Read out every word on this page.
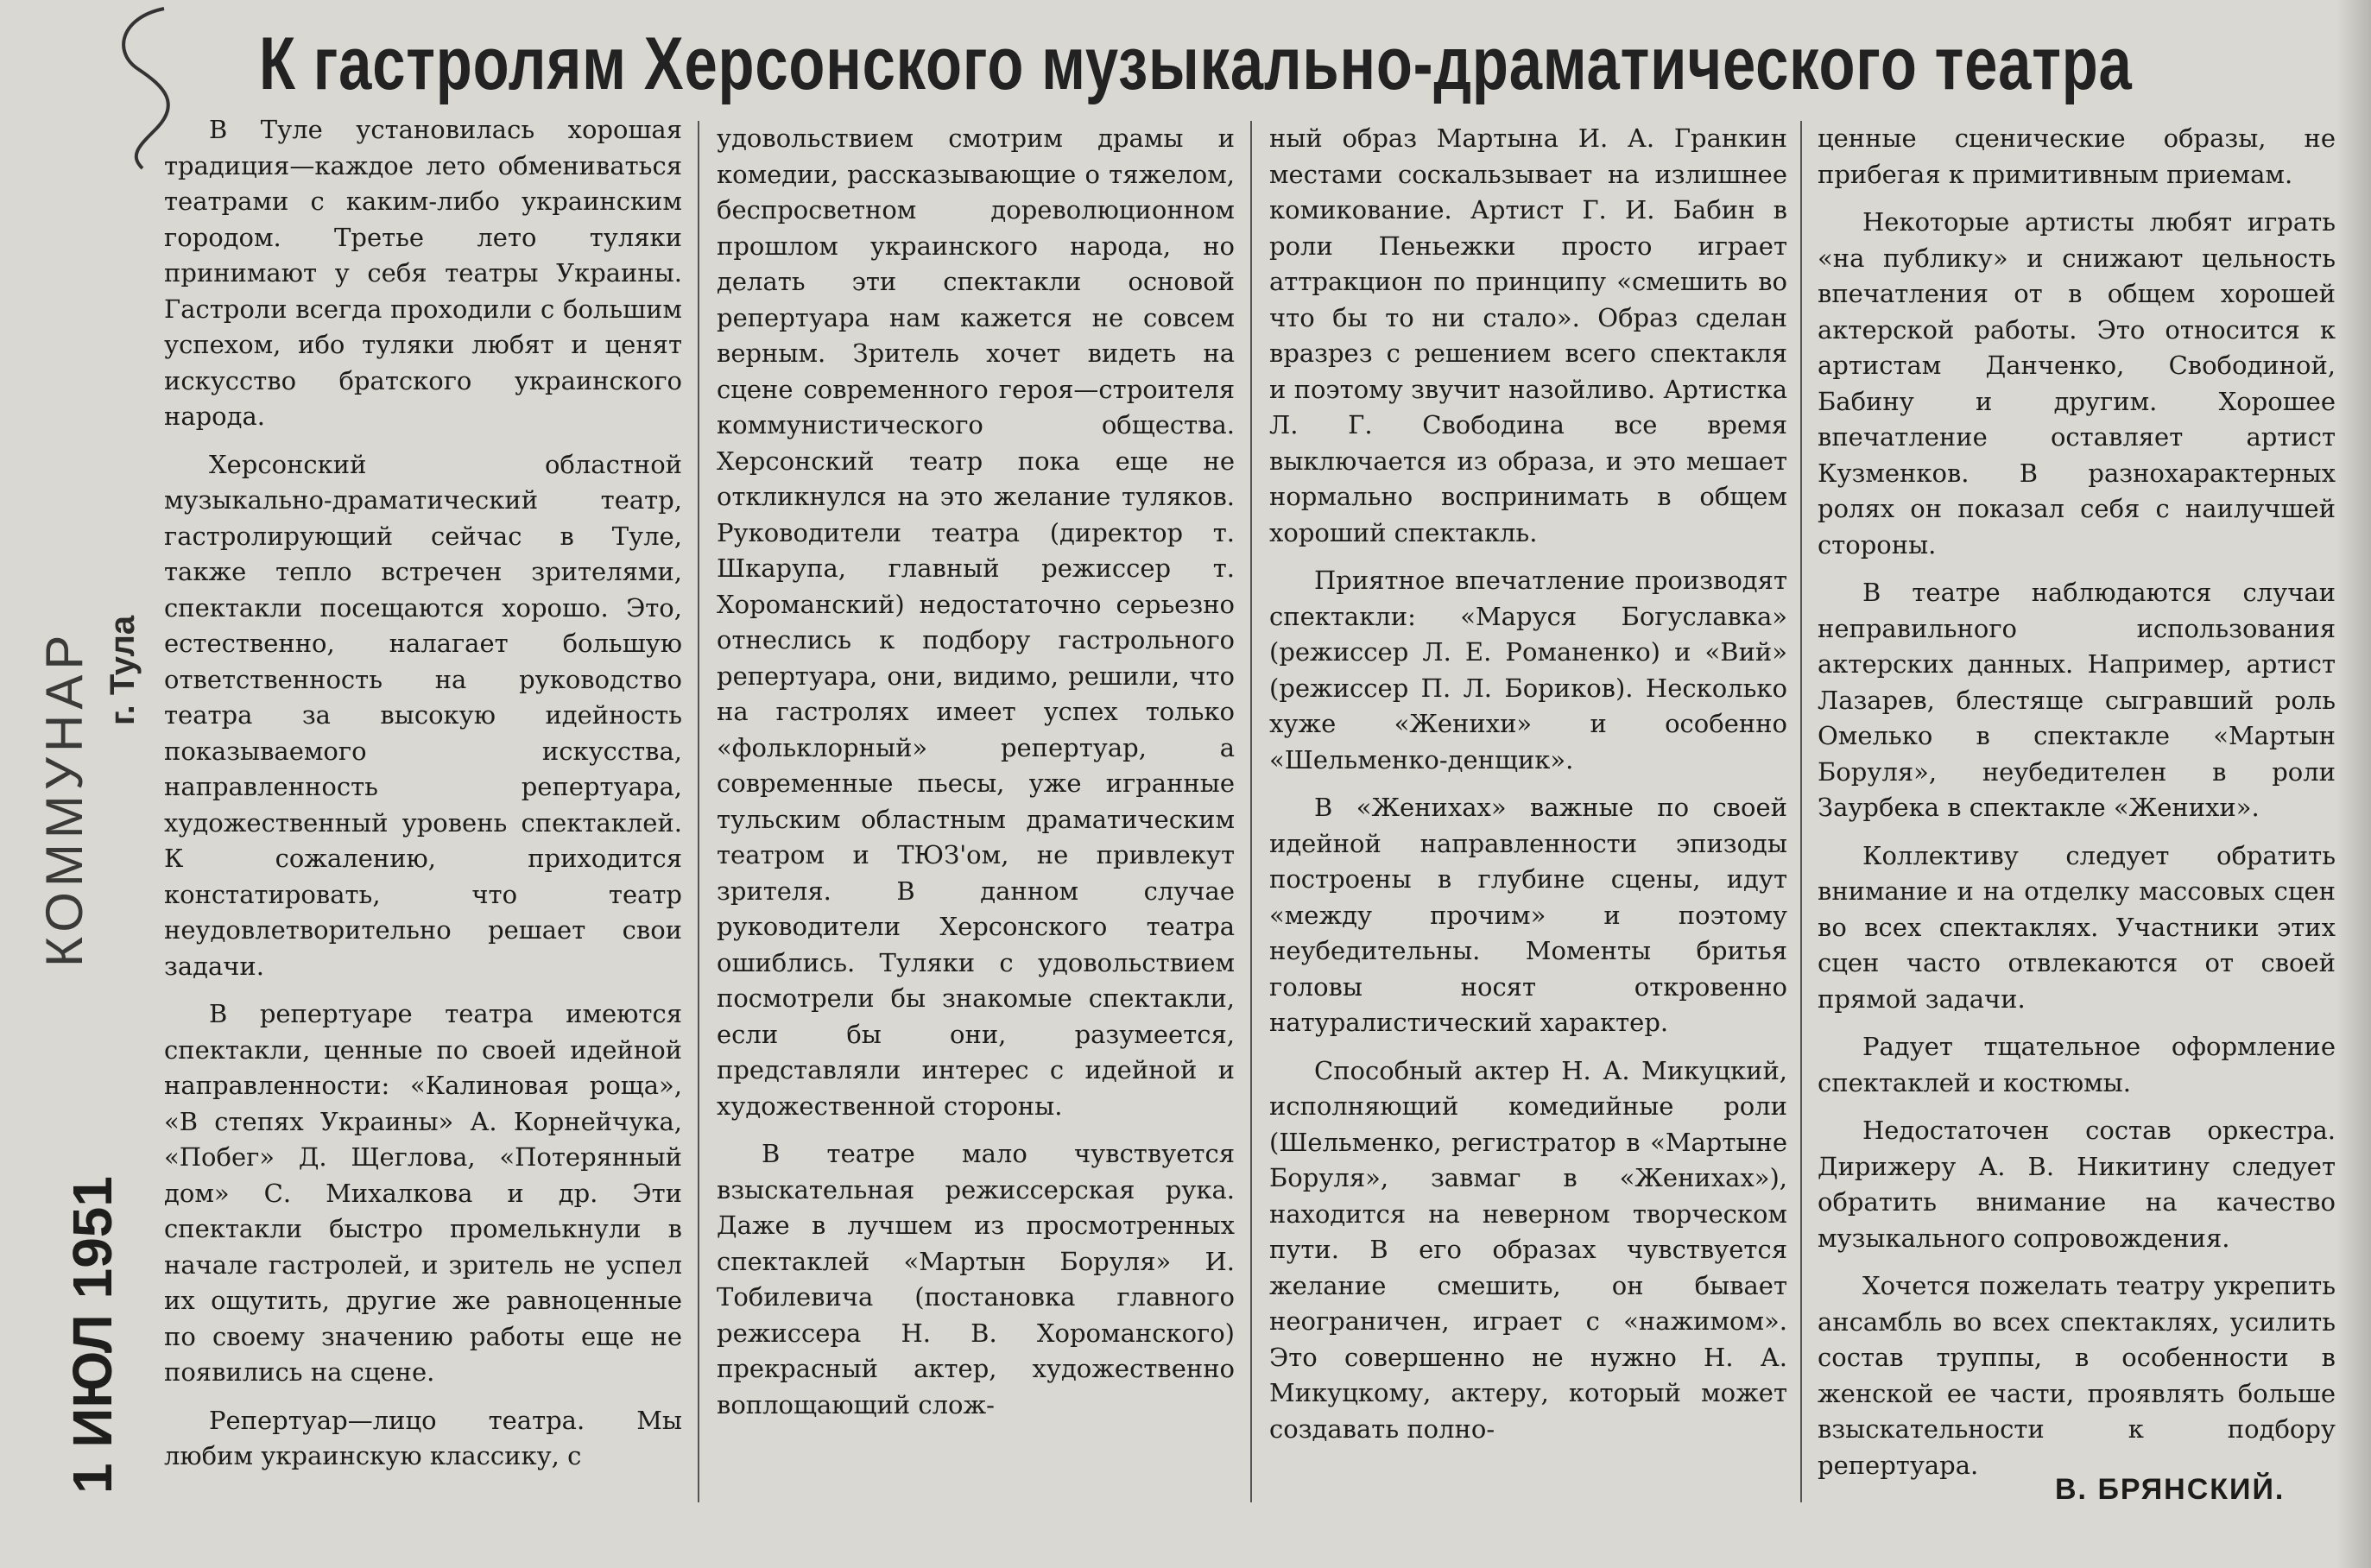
К гастролям Херсонского музыкально-драматического театра
КОММУНАР г. Тула
1 ИЮЛ 1951

В Туле установилась хорошая традиция—каждое лето обмениваться театрами с каким-либо украинским городом. Третье лето туляки принимают у себя театры Украины. Гастроли всегда проходили с большим успехом, ибо туляки любят и ценят искусство братского украинского народа.

Херсонский областной музыкально-драматический театр, гастролирующий сейчас в Туле, также тепло встречен зрителями, спектакли посещаются хорошо. Это, естественно, налагает большую ответственность на руководство театра за высокую идейность показываемого искусства, направленность репертуара, художественный уровень спектаклей. К сожалению, приходится констатировать, что театр неудовлетворительно решает свои задачи.

В репертуаре театра имеются спектакли, ценные по своей идейной направленности: «Калиновая роща», «В степях Украины» А. Корнейчука, «Побег» Д. Щеглова, «Потерянный дом» С. Михалкова и др. Эти спектакли быстро промелькнули в начале гастролей, и зритель не успел их ощутить, другие же равноценные по своему значению работы еще не появились на сцене.

Репертуар—лицо театра. Мы любим украинскую классику, с

удовольствием смотрим драмы и комедии, рассказывающие о тяжелом, беспросветном дореволюционном прошлом украинского народа, но делать эти спектакли основой репертуара нам кажется не совсем верным. Зритель хочет видеть на сцене современного героя—строителя коммунистического общества. Херсонский театр пока еще не откликнулся на это желание туляков. Руководители театра (директор т. Шкарупа, главный режиссер т. Хороманский) недостаточно серьезно отнеслись к подбору гастрольного репертуара, они, видимо, решили, что на гастролях имеет успех только «фольклорный» репертуар, а современные пьесы, уже игранные тульским областным драматическим театром и ТЮЗ'ом, не привлекут зрителя. В данном случае руководители Херсонского театра ошиблись. Туляки с удовольствием посмотрели бы знакомые спектакли, если бы они, разумеется, представляли интерес с идейной и художественной стороны.

В театре мало чувствуется взыскательная режиссерская рука. Даже в лучшем из просмотренных спектаклей «Мартын Боруля» И. Тобилевича (постановка главного режиссера Н. В. Хороманского) прекрасный актер, художественно воплощающий слож-

ный образ Мартына И. А. Гранкин местами соскальзывает на излишнее комикование. Артист Г. И. Бабин в роли Пеньежки просто играет аттракцион по принципу «смешить во что бы то ни стало». Образ сделан вразрез с решением всего спектакля и поэтому звучит назойливо. Артистка Л. Г. Свободина все время выключается из образа, и это мешает нормально воспринимать в общем хороший спектакль.

Приятное впечатление производят спектакли: «Маруся Богуславка» (режиссер Л. Е. Романенко) и «Вий» (режиссер П. Л. Бориков). Несколько хуже «Женихи» и особенно «Шельменко-денщик».

В «Женихах» важные по своей идейной направленности эпизоды построены в глубине сцены, идут «между прочим» и поэтому неубедительны. Моменты бритья головы носят откровенно натуралистический характер.

Способный актер Н. А. Микуцкий, исполняющий комедийные роли (Шельменко, регистратор в «Мартыне Боруля», завмаг в «Женихах»), находится на неверном творческом пути. В его образах чувствуется желание смешить, он бывает неограничен, играет с «нажимом». Это совершенно не нужно Н. А. Микуцкому, актеру, который может создавать полно-

ценные сценические образы, не прибегая к примитивным приемам.

Некоторые артисты любят играть «на публику» и снижают цельность впечатления от в общем хорошей актерской работы. Это относится к артистам Данченко, Свободиной, Бабину и другим. Хорошее впечатление оставляет артист Кузменков. В разнохарактерных ролях он показал себя с наилучшей стороны.

В театре наблюдаются случаи неправильного использования актерских данных. Например, артист Лазарев, блестяще сыгравший роль Омелько в спектакле «Мартын Боруля», неубедителен в роли Заурбека в спектакле «Женихи».

Коллективу следует обратить внимание и на отделку массовых сцен во всех спектаклях. Участники этих сцен часто отвлекаются от своей прямой задачи.

Радует тщательное оформление спектаклей и костюмы.

Недостаточен состав оркестра. Дирижеру А. В. Никитину следует обратить внимание на качество музыкального сопровождения.

Хочется пожелать театру укрепить ансамбль во всех спектаклях, усилить состав труппы, в особенности в женской ее части, проявлять больше взыскательности к подбору репертуара.

В. БРЯНСКИЙ.
